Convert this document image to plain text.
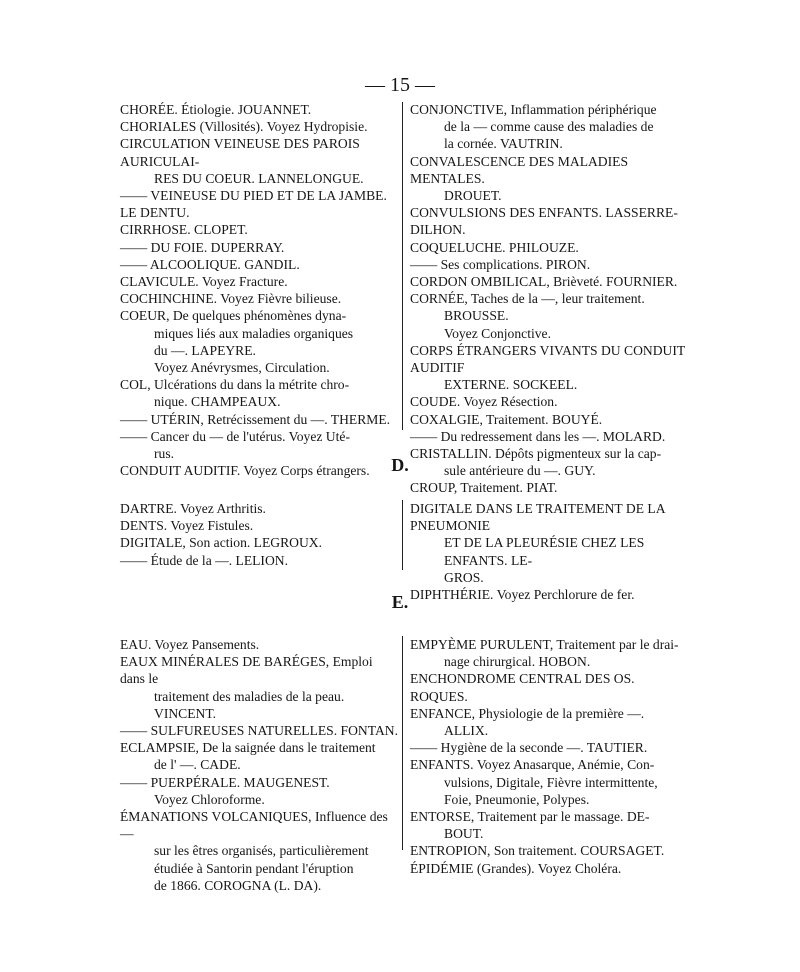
— 15 —

CHORÉE. Étiologie. JOUANNET.

CHORIALES (Villosités). Voyez Hydropisie.

CIRCULATION VEINEUSE DES PAROIS AURICULAI-

RES DU COEUR. LANNELONGUE.

—— VEINEUSE DU PIED ET DE LA JAMBE. LE DENTU.

CIRRHOSE. CLOPET.

—— DU FOIE. DUPERRAY.

—— ALCOOLIQUE. GANDIL.

CLAVICULE. Voyez Fracture.

COCHINCHINE. Voyez Fièvre bilieuse.

COEUR, De quelques phénomènes dyna-

miques liés aux maladies organiques

du —. LAPEYRE.

Voyez Anévrysmes, Circulation.

COL, Ulcérations du dans la métrite chro-

nique. CHAMPEAUX.

—— UTÉRIN, Retrécissement du —. THERME.

—— Cancer du — de l'utérus. Voyez Uté-

rus.

CONDUIT AUDITIF. Voyez Corps étrangers.

CONJONCTIVE, Inflammation périphérique

de la — comme cause des maladies de

la cornée. VAUTRIN.

CONVALESCENCE DES MALADIES MENTALES.

DROUET.

CONVULSIONS DES ENFANTS. LASSERRE-DILHON.

COQUELUCHE. PHILOUZE.

—— Ses complications. PIRON.

CORDON OMBILICAL, Brièveté. FOURNIER.

CORNÉE, Taches de la —, leur traitement.

BROUSSE.

Voyez Conjonctive.

CORPS ÉTRANGERS VIVANTS DU CONDUIT AUDITIF

EXTERNE. SOCKEEL.

COUDE. Voyez Résection.

COXALGIE, Traitement. BOUYÉ.

—— Du redressement dans les —. MOLARD.

CRISTALLIN. Dépôts pigmenteux sur la cap-

sule antérieure du —. GUY.

CROUP, Traitement. PIAT.

D.

DARTRE. Voyez Arthritis.

DENTS. Voyez Fistules.

DIGITALE, Son action. LEGROUX.

—— Étude de la —. LELION.

DIGITALE DANS LE TRAITEMENT DE LA PNEUMONIE

ET DE LA PLEURÉSIE CHEZ LES ENFANTS. LE-

GROS.

DIPHTHÉRIE. Voyez Perchlorure de fer.

E.

EAU. Voyez Pansements.

EAUX MINÉRALES DE BARÉGES, Emploi dans le

traitement des maladies de la peau.

VINCENT.

—— SULFUREUSES NATURELLES. FONTAN.

ECLAMPSIE, De la saignée dans le traitement

de l' —. CADE.

—— PUERPÉRALE. MAUGENEST.

Voyez Chloroforme.

ÉMANATIONS VOLCANIQUES, Influence des —

sur les êtres organisés, particulièrement

étudiée à Santorin pendant l'éruption

de 1866. COROGNA (L. DA).

EMPYÈME PURULENT, Traitement par le drai-

nage chirurgical. HOBON.

ENCHONDROME CENTRAL DES OS. ROQUES.

ENFANCE, Physiologie de la première —.

ALLIX.

—— Hygiène de la seconde —. TAUTIER.

ENFANTS. Voyez Anasarque, Anémie, Con-

vulsions, Digitale, Fièvre intermittente,

Foie, Pneumonie, Polypes.

ENTORSE, Traitement par le massage. DE-

BOUT.

ENTROPION, Son traitement. COURSAGET.

ÉPIDÉMIE (Grandes). Voyez Choléra.
